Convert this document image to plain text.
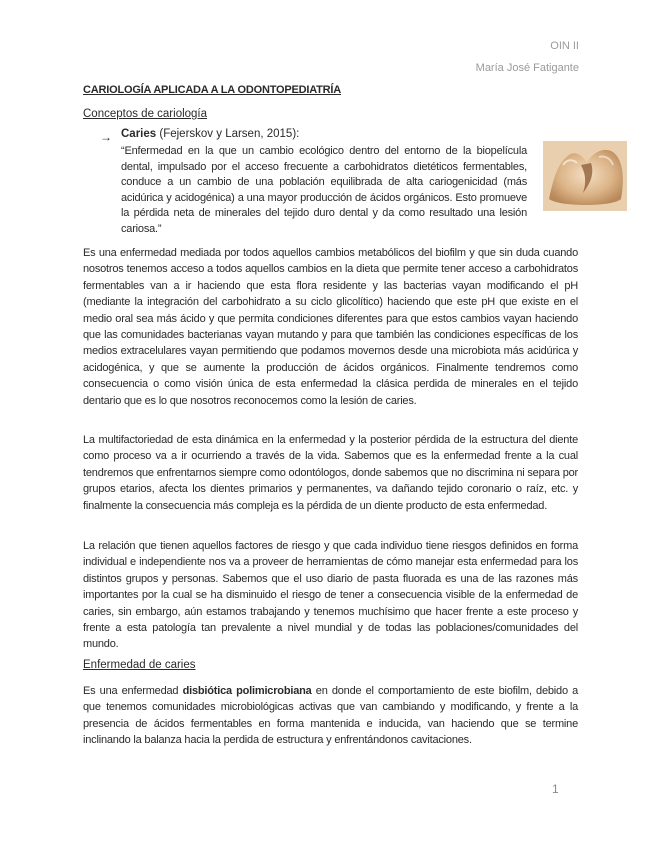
OIN II
María José Fatigante
CARIOLOGÍA APLICADA A LA ODONTOPEDIATRÍA
Conceptos de cariología
→ Caries (Fejerskov y Larsen, 2015):
“Enfermedad en la que un cambio ecológico dentro del entorno de la biopelícula dental, impulsado por el acceso frecuente a carbohidratos dietéticos fermentables, conduce a un cambio de una población equilibrada de alta cariogenicidad (más acidúrica y acidogénica) a una mayor producción de ácidos orgánicos. Esto promueve la pérdida neta de minerales del tejido duro dental y da como resultado una lesión cariosa.”

Es una enfermedad mediada por todos aquellos cambios metabólicos del biofilm y que sin duda cuando nosotros tenemos acceso a todos aquellos cambios en la dieta que permite tener acceso a carbohidratos fermentables van a ir haciendo que esta flora residente y las bacterias vayan modificando el pH (mediante la integración del carbohidrato a su ciclo glicolítico) haciendo que este pH que existe en el medio oral sea más ácido y que permita condiciones diferentes para que estos cambios vayan haciendo que las comunidades bacterianas vayan mutando y para que también las condiciones específicas de los medios extracelulares vayan permitiendo que podamos movernos desde una microbiota más acidúrica y acidogénica, y que se aumente la producción de ácidos orgánicos. Finalmente tendremos como consecuencia o como visión única de esta enfermedad la clásica perdida de minerales en el tejido dentario que es lo que nosotros reconocemos como la lesión de caries.

La multifactoriedad de esta dinámica en la enfermedad y la posterior pérdida de la estructura del diente como proceso va a ir ocurriendo a través de la vida. Sabemos que es la enfermedad frente a la cual tendremos que enfrentarnos siempre como odontólogos, donde sabemos que no discrimina ni separa por grupos etarios, afecta los dientes primarios y permanentes, va dañando tejido coronario o raíz, etc. y finalmente la consecuencia más compleja es la pérdida de un diente producto de esta enfermedad.

La relación que tienen aquellos factores de riesgo y que cada individuo tiene riesgos definidos en forma individual e independiente nos va a proveer de herramientas de cómo manejar esta enfermedad para los distintos grupos y personas. Sabemos que el uso diario de pasta fluorada es una de las razones más importantes por la cual se ha disminuido el riesgo de tener a consecuencia visible de la enfermedad de caries, sin embargo, aún estamos trabajando y tenemos muchísimo que hacer frente a este proceso y frente a esta patología tan prevalente a nivel mundial y de todas las poblaciones/comunidades del mundo.

Enfermedad de caries

Es una enfermedad disbiótica polimicrobiana en donde el comportamiento de este biofilm, debido a que tenemos comunidades microbiológicas activas que van cambiando y modificando, y frente a la presencia de ácidos fermentables en forma mantenida e inducida, van haciendo que se termine inclinando la balanza hacia la perdida de estructura y enfrentándonos cavitaciones.

1
